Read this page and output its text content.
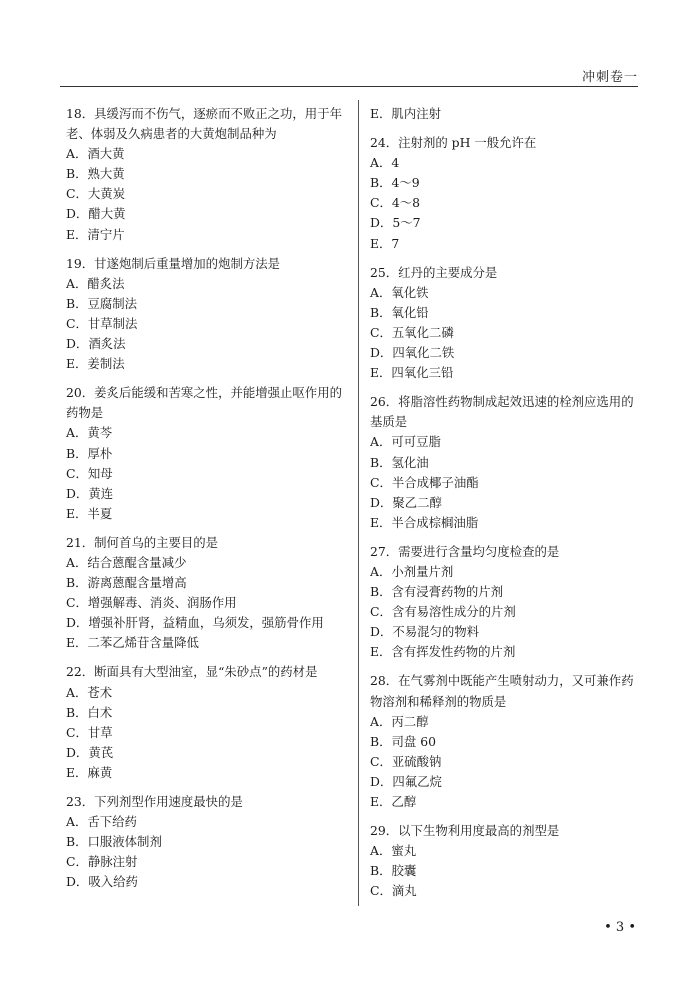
冲刺卷一

18．具缓泻而不伤气，逐瘀而不败正之功，用于年老、体弱及久病患者的大黄炮制品种为

A．酒大黄

B．熟大黄

C．大黄炭

D．醋大黄

E．清宁片

19．甘遂炮制后重量增加的炮制方法是

A．醋炙法

B．豆腐制法

C．甘草制法

D．酒炙法

E．姜制法

20．姜炙后能缓和苦寒之性，并能增强止呕作用的药物是

A．黄芩

B．厚朴

C．知母

D．黄连

E．半夏

21．制何首乌的主要目的是

A．结合蒽醌含量减少

B．游离蒽醌含量增高

C．增强解毒、消炎、润肠作用

D．增强补肝肾，益精血，乌须发，强筋骨作用

E．二苯乙烯苷含量降低

22．断面具有大型油室，显“朱砂点”的药材是

A．苍术

B．白术

C．甘草

D．黄芪

E．麻黄

23．下列剂型作用速度最快的是

A．舌下给药

B．口服液体制剂

C．静脉注射

D．吸入给药

E．肌内注射

24．注射剂的 pH 一般允许在

A．4

B．4～9

C．4～8

D．5～7

E．7

25．红丹的主要成分是

A．氧化铁

B．氧化铅

C．五氧化二磷

D．四氧化二铁

E．四氧化三铅

26．将脂溶性药物制成起效迅速的栓剂应选用的基质是

A．可可豆脂

B．氢化油

C．半合成椰子油酯

D．聚乙二醇

E．半合成棕榈油脂

27．需要进行含量均匀度检查的是

A．小剂量片剂

B．含有浸膏药物的片剂

C．含有易溶性成分的片剂

D．不易混匀的物料

E．含有挥发性药物的片剂

28．在气雾剂中既能产生喷射动力，又可兼作药物溶剂和稀释剂的物质是

A．丙二醇

B．司盘 60

C．亚硫酸钠

D．四氟乙烷

E．乙醇

29．以下生物利用度最高的剂型是

A．蜜丸

B．胶囊

C．滴丸

• 3 •
